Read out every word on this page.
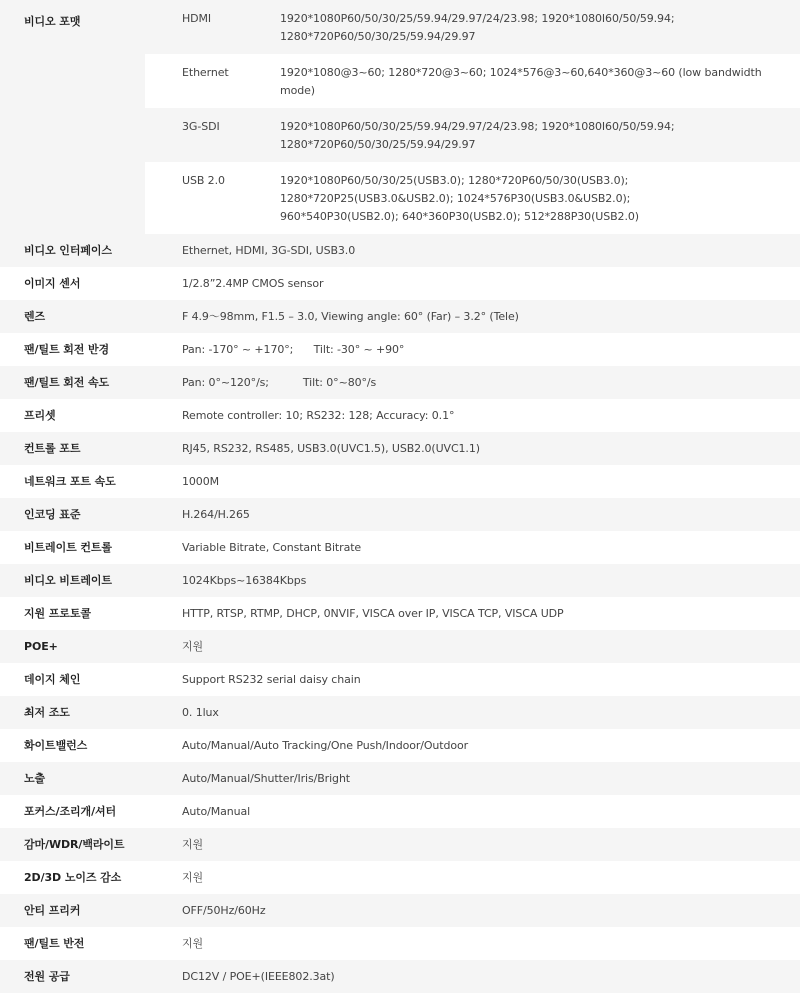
비디오 포맷	HDMI	1920*1080P60/50/30/25/59.94/29.97/24/23.98; 1920*1080I60/50/59.94;
1280*720P60/50/30/25/59.94/29.97

	Ethernet	1920*1080@3~60; 1280*720@3~60; 1024*576@3~60,640*360@3~60 (low bandwidth mode)

	3G-SDI	1920*1080P60/50/30/25/59.94/29.97/24/23.98; 1920*1080I60/50/59.94;
1280*720P60/50/30/25/59.94/29.97

	USB 2.0	1920*1080P60/50/30/25(USB3.0); 1280*720P60/50/30(USB3.0);
1280*720P25(USB3.0&USB2.0); 1024*576P30(USB3.0&USB2.0);
960*540P30(USB2.0); 640*360P30(USB2.0); 512*288P30(USB2.0)

비디오 인터페이스	Ethernet, HDMI, 3G-SDI, USB3.0	
이미지 센서	1/2.8”2.4MP CMOS sensor	
렌즈	F 4.9～98mm, F1.5 – 3.0, Viewing angle: 60° (Far) – 3.2° (Tele)	
팬/틸트 회전 반경	Pan: -170° ~ +170°;      Tilt: -30° ~ +90°	
팬/틸트 회전 속도	Pan: 0°~120°/s;          Tilt: 0°~80°/s	
프리셋	Remote controller: 10; RS232: 128; Accuracy: 0.1°	
컨트롤 포트	RJ45, RS232, RS485, USB3.0(UVC1.5), USB2.0(UVC1.1)	
네트워크 포트 속도	1000M	
인코딩 표준	H.264/H.265	
비트레이트 컨트롤	Variable Bitrate, Constant Bitrate	
비디오 비트레이트	1024Kbps~16384Kbps	
지원 프로토콜	HTTP, RTSP, RTMP, DHCP, 0NVIF, VISCA over IP, VISCA TCP, VISCA UDP	
POE+	지원	
데이지 체인	Support RS232 serial daisy chain	
최저 조도	0. 1lux	
화이트밸런스	Auto/Manual/Auto Tracking/One Push/Indoor/Outdoor	
노출	Auto/Manual/Shutter/Iris/Bright	
포커스/조리개/셔터	Auto/Manual	
감마/WDR/백라이트	지원	
2D/3D 노이즈 감소	지원	
안티 프리커	OFF/50Hz/60Hz	
팬/틸트 반전	지원	
전원 공급	DC12V / POE+(IEEE802.3at)	
